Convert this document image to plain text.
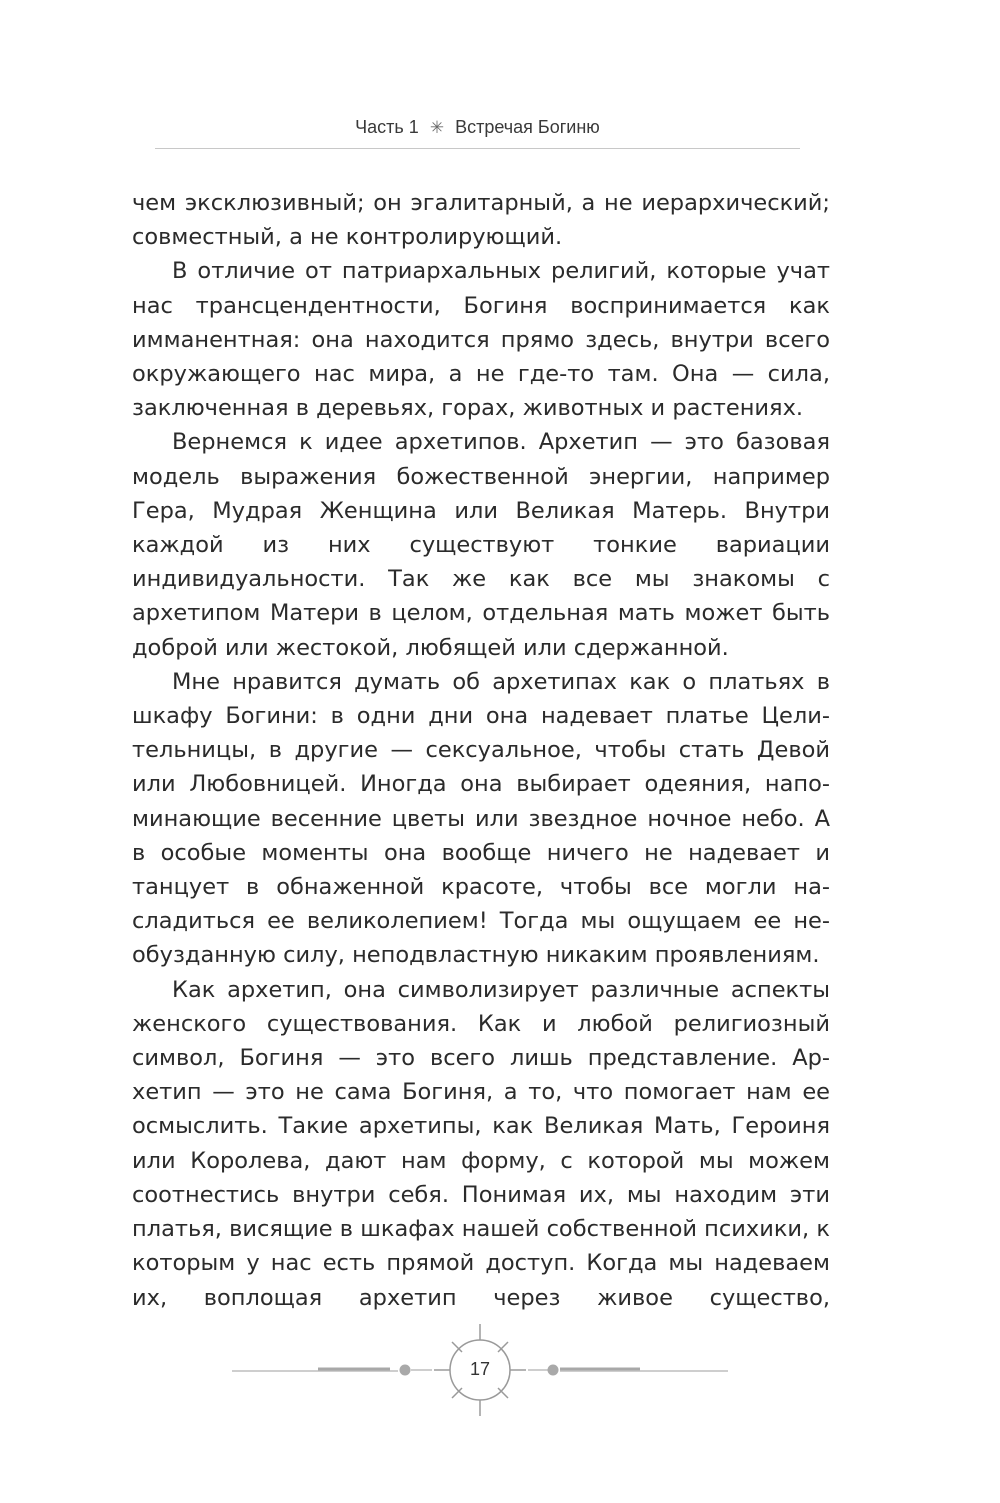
Часть 1 ✳ Встречая Богиню

чем эксклюзивный; он эгалитарный, а не иерархический; совместный, а не контролирующий.

В отличие от патриархальных религий, которые учат нас трансцендентности, Богиня воспринимается как имманентная: она находится прямо здесь, внутри всего окружающего нас мира, а не где-то там. Она — сила, заключенная в деревьях, горах, животных и растениях.

Вернемся к идее архетипов. Архетип — это базовая модель выражения божественной энергии, например Гера, Мудрая Женщина или Великая Матерь. Внутри каждой из них существуют тонкие вариации индивидуальности. Так же как все мы знакомы с архетипом Матери в целом, отдельная мать может быть доброй или жестокой, любящей или сдержанной.

Мне нравится думать об архетипах как о платьях в шкафу Богини: в одни дни она надевает платье Целительницы, в другие — сексуальное, чтобы стать Девой или Любовницей. Иногда она выбирает одеяния, напоминающие весенние цветы или звездное ночное небо. А в особые моменты она вообще ничего не надевает и танцует в обнаженной красоте, чтобы все могли насладиться ее великолепием! Тогда мы ощущаем ее необузданную силу, неподвластную никаким проявлениям.

Как архетип, она символизирует различные аспекты женского существования. Как и любой религиозный символ, Богиня — это всего лишь представление. Архетип — это не сама Богиня, а то, что помогает нам ее осмыслить. Такие архетипы, как Великая Мать, Героиня или Королева, дают нам форму, с которой мы можем соотнестись внутри себя. Понимая их, мы находим эти платья, висящие в шкафах нашей собственной психики, к которым у нас есть прямой доступ. Когда мы надеваем их, воплощая архетип через живое существо,

17
